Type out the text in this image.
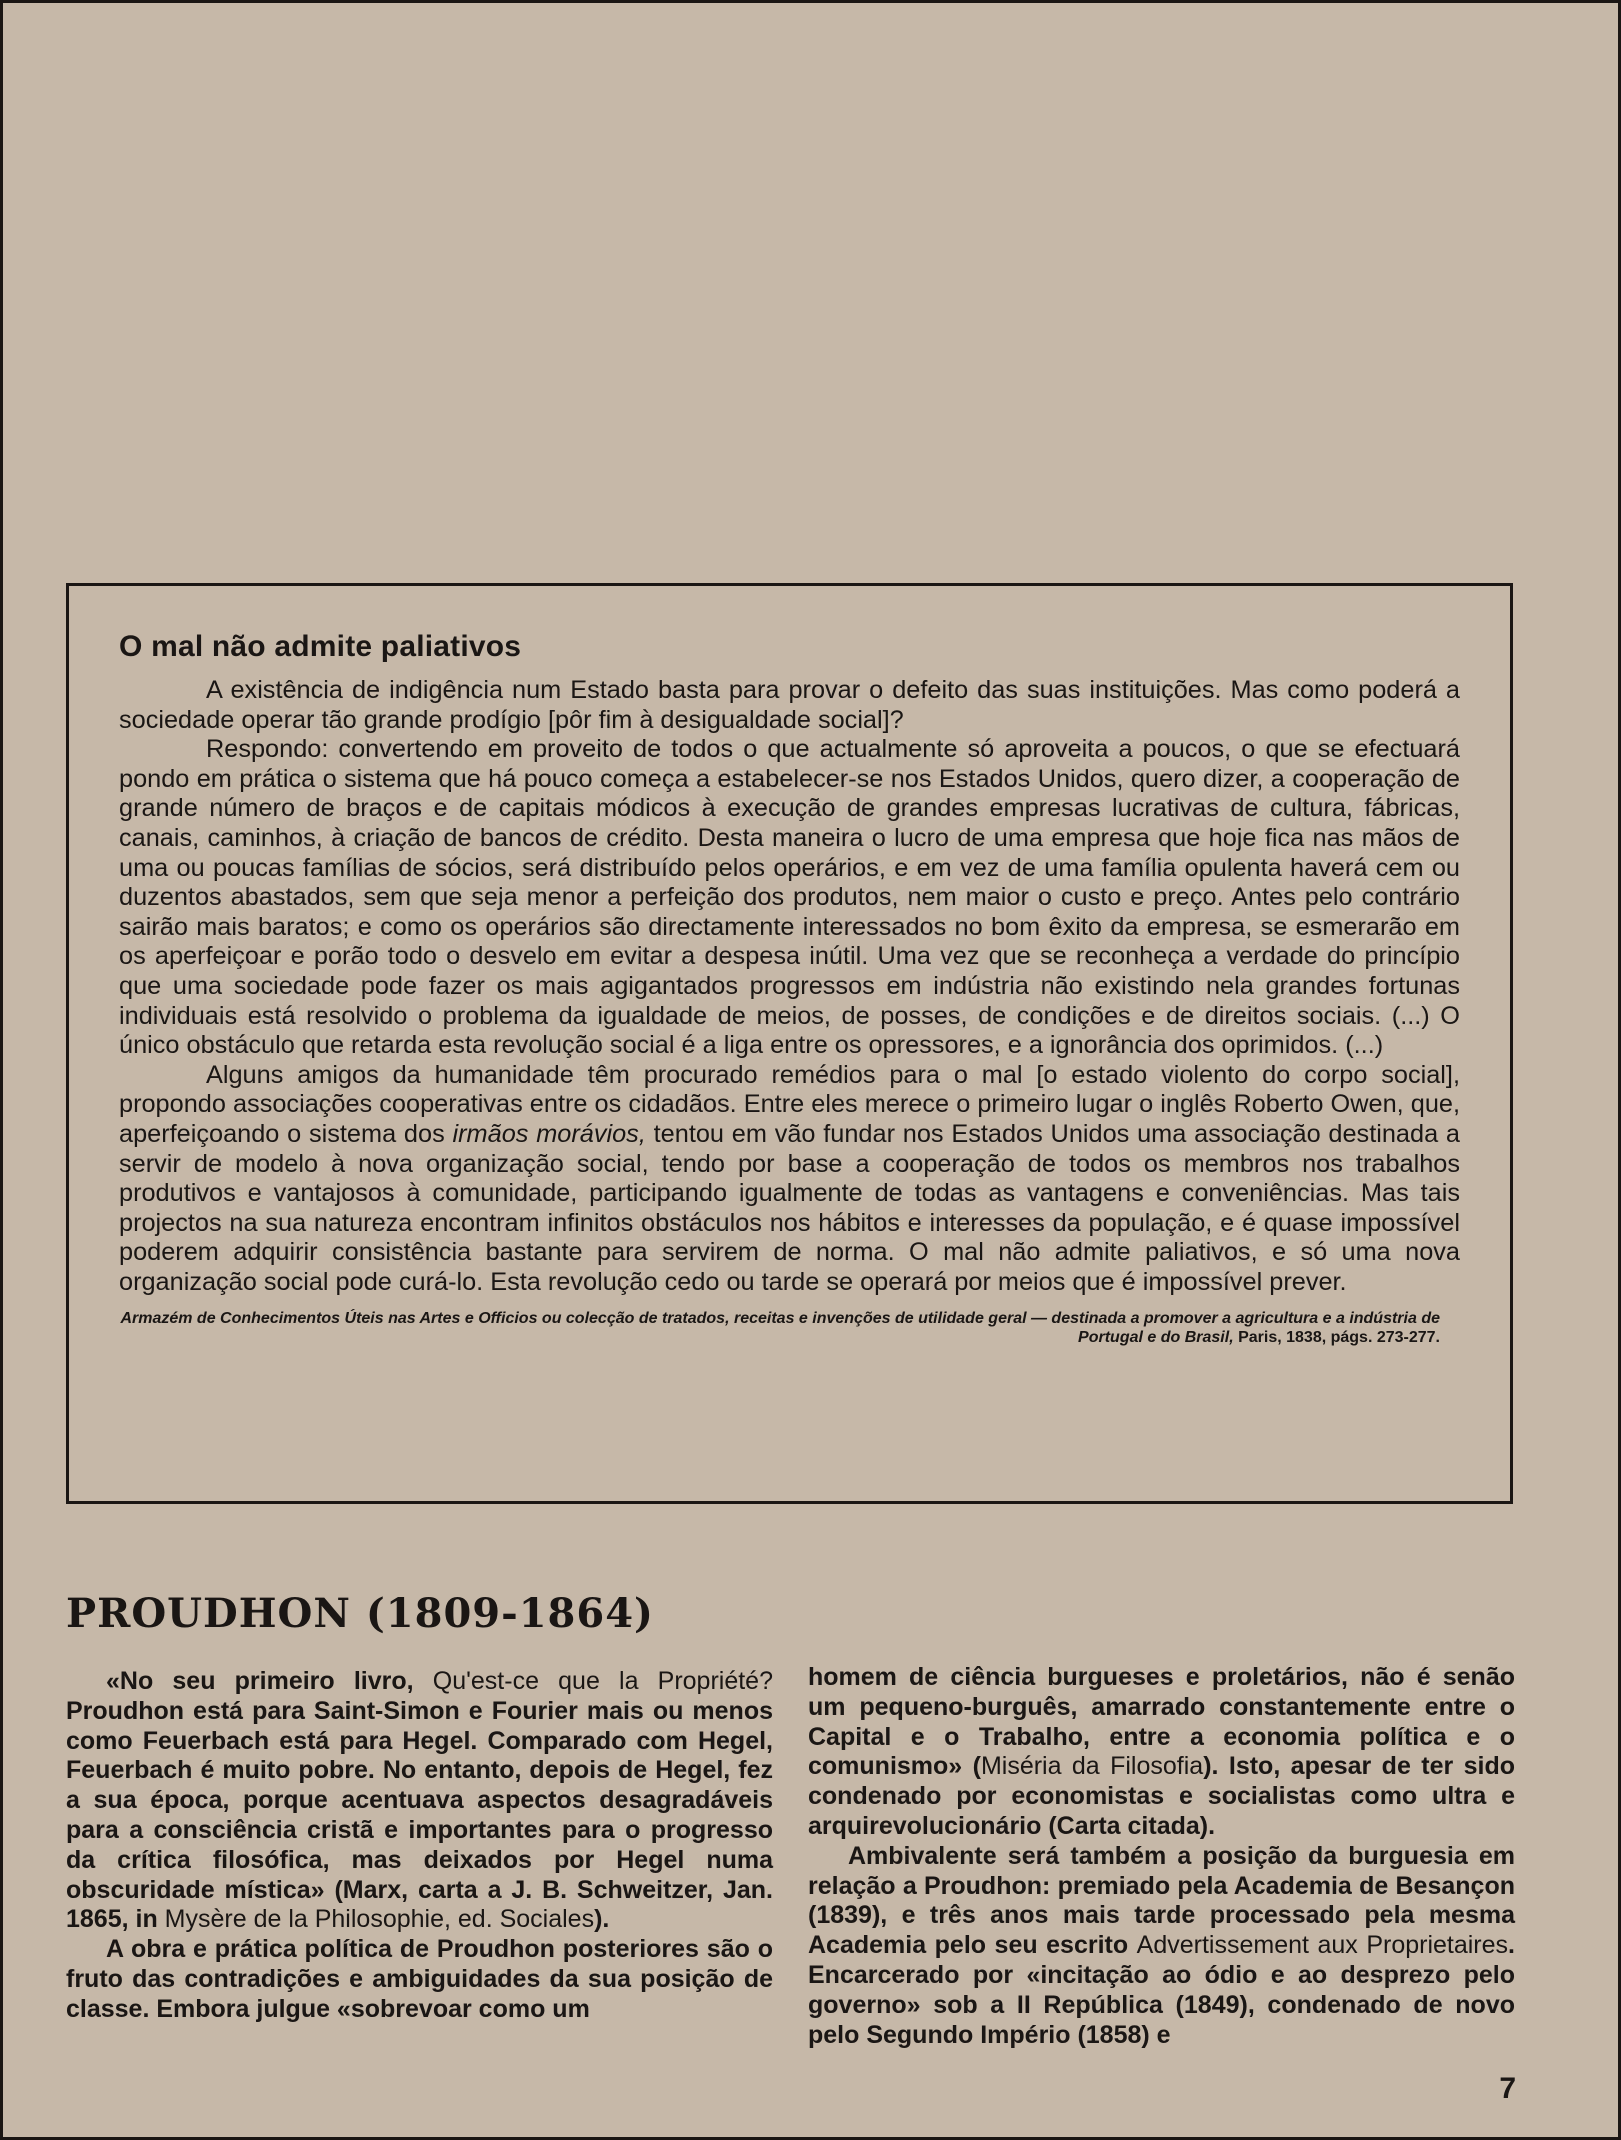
O mal não admite paliativos

A existência de indigência num Estado basta para provar o defeito das suas instituições. Mas como poderá a sociedade operar tão grande prodígio [pôr fim à desigualdade social]?

Respondo: convertendo em proveito de todos o que actualmente só aproveita a poucos, o que se efectuará pondo em prática o sistema que há pouco começa a estabelecer-se nos Estados Unidos, quero dizer, a cooperação de grande número de braços e de capitais módicos à execução de grandes empresas lucrativas de cultura, fábricas, canais, caminhos, à criação de bancos de crédito. Desta maneira o lucro de uma empresa que hoje fica nas mãos de uma ou poucas famílias de sócios, será distribuído pelos operários, e em vez de uma família opulenta haverá cem ou duzentos abastados, sem que seja menor a perfeição dos produtos, nem maior o custo e preço. Antes pelo contrário sairão mais baratos; e como os operários são directamente interessados no bom êxito da empresa, se esmerarão em os aperfeiçoar e porão todo o desvelo em evitar a despesa inútil. Uma vez que se reconheça a verdade do princípio que uma sociedade pode fazer os mais agigantados progressos em indústria não existindo nela grandes fortunas individuais está resolvido o problema da igualdade de meios, de posses, de condições e de direitos sociais. (...) O único obstáculo que retarda esta revolução social é a liga entre os opressores, e a ignorância dos oprimidos. (...)

Alguns amigos da humanidade têm procurado remédios para o mal [o estado violento do corpo social], propondo associações cooperativas entre os cidadãos. Entre eles merece o primeiro lugar o inglês Roberto Owen, que, aperfeiçoando o sistema dos irmãos morávios, tentou em vão fundar nos Estados Unidos uma associação destinada a servir de modelo à nova organização social, tendo por base a cooperação de todos os membros nos trabalhos produtivos e vantajosos à comunidade, participando igualmente de todas as vantagens e conveniências. Mas tais projectos na sua natureza encontram infinitos obstáculos nos hábitos e interesses da população, e é quase impossível poderem adquirir consistência bastante para servirem de norma. O mal não admite paliativos, e só uma nova organização social pode curá-lo. Esta revolução cedo ou tarde se operará por meios que é impossível prever.

Armazém de Conhecimentos Úteis nas Artes e Officios ou colecção de tratados, receitas e invenções de utilidade geral — destinada a promover a agricultura e a indústria de Portugal e do Brasil, Paris, 1838, págs. 273-277.
PROUDHON (1809-1864)

«No seu primeiro livro, Qu'est-ce que la Propriété? Proudhon está para Saint-Simon e Fourier mais ou menos como Feuerbach está para Hegel. Comparado com Hegel, Feuerbach é muito pobre. No entanto, depois de Hegel, fez a sua época, porque acentuava aspectos desagradáveis para a consciência cristã e importantes para o progresso da crítica filosófica, mas deixados por Hegel numa obscuridade mística» (Marx, carta a J. B. Schweitzer, Jan. 1865, in Mysère de la Philosophie, ed. Sociales).

A obra e prática política de Proudhon posteriores são o fruto das contradições e ambiguidades da sua posição de classe. Embora julgue «sobrevoar como um

homem de ciência burgueses e proletários, não é senão um pequeno-burguês, amarrado constantemente entre o Capital e o Trabalho, entre a economia política e o comunismo» (Miséria da Filosofia). Isto, apesar de ter sido condenado por economistas e socialistas como ultra e arquirevolucionário (Carta citada).

Ambivalente será também a posição da burguesia em relação a Proudhon: premiado pela Academia de Besançon (1839), e três anos mais tarde processado pela mesma Academia pelo seu escrito Advertissement aux Proprietaires. Encarcerado por «incitação ao ódio e ao desprezo pelo governo» sob a II República (1849), condenado de novo pelo Segundo Império (1858) e

7
